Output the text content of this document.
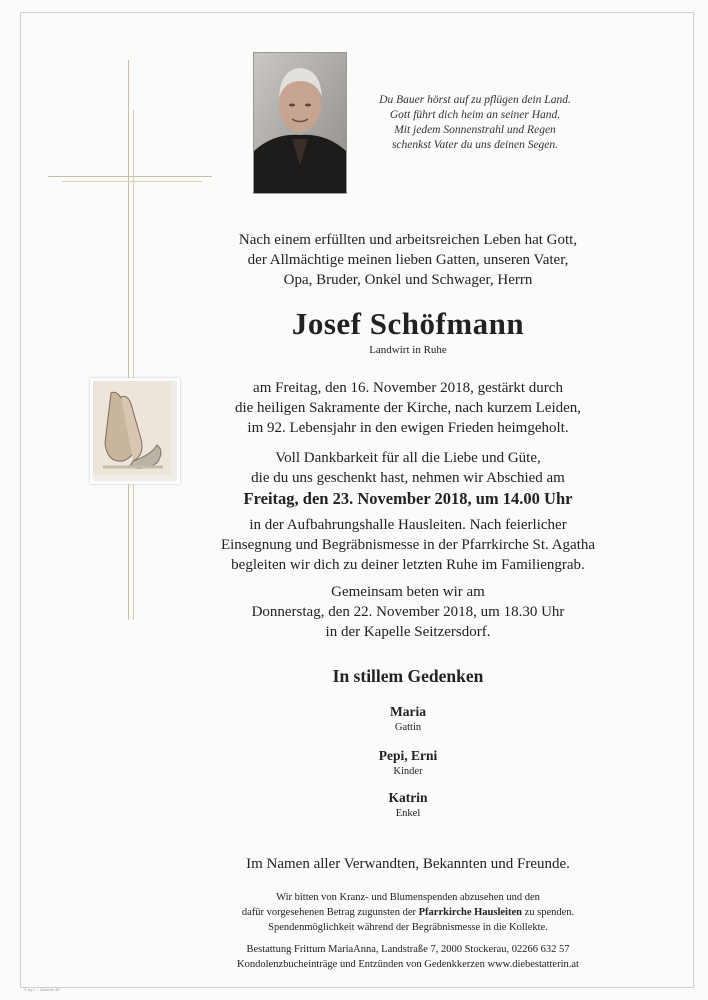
Du Bauer hörst auf zu pflügen dein Land.
Gott führt dich heim an seiner Hand.
Mit jedem Sonnenstrahl und Regen
schenkst Vater du uns deinen Segen.
Nach einem erfüllten und arbeitsreichen Leben hat Gott,
der Allmächtige meinen lieben Gatten, unseren Vater,
Opa, Bruder, Onkel und Schwager, Herrn
Josef Schöfmann
Landwirt in Ruhe
am Freitag, den 16. November 2018, gestärkt durch
die heiligen Sakramente der Kirche, nach kurzem Leiden,
im 92. Lebensjahr in den ewigen Frieden heimgeholt.
Voll Dankbarkeit für all die Liebe und Güte,
die du uns geschenkt hast, nehmen wir Abschied am
Freitag, den 23. November 2018, um 14.00 Uhr
in der Aufbahrungshalle Hausleiten. Nach feierlicher
Einsegnung und Begräbnismesse in der Pfarrkirche St. Agatha
begleiten wir dich zu deiner letzten Ruhe im Familiengrab.
Gemeinsam beten wir am
Donnerstag, den 22. November 2018, um 18.30 Uhr
in der Kapelle Seitzersdorf.
In stillem Gedenken
Maria
Gattin
Pepi, Erni
Kinder
Katrin
Enkel
Im Namen aller Verwandten, Bekannten und Freunde.
Wir bitten von Kranz- und Blumenspenden abzusehen und den
dafür vorgesehenen Betrag zugunsten der Pfarrkirche Hausleiten zu spenden.
Spendenmöglichkeit während der Begräbnismesse in die Kollekte.
Bestattung Frittum MariaAnna, Landstraße 7, 2000 Stockerau, 02266 632 57
Kondolenzbucheinträge und Entzünden von Gedenkkerzen www.diebestatterin.at
© by L. · Abrahm 40
